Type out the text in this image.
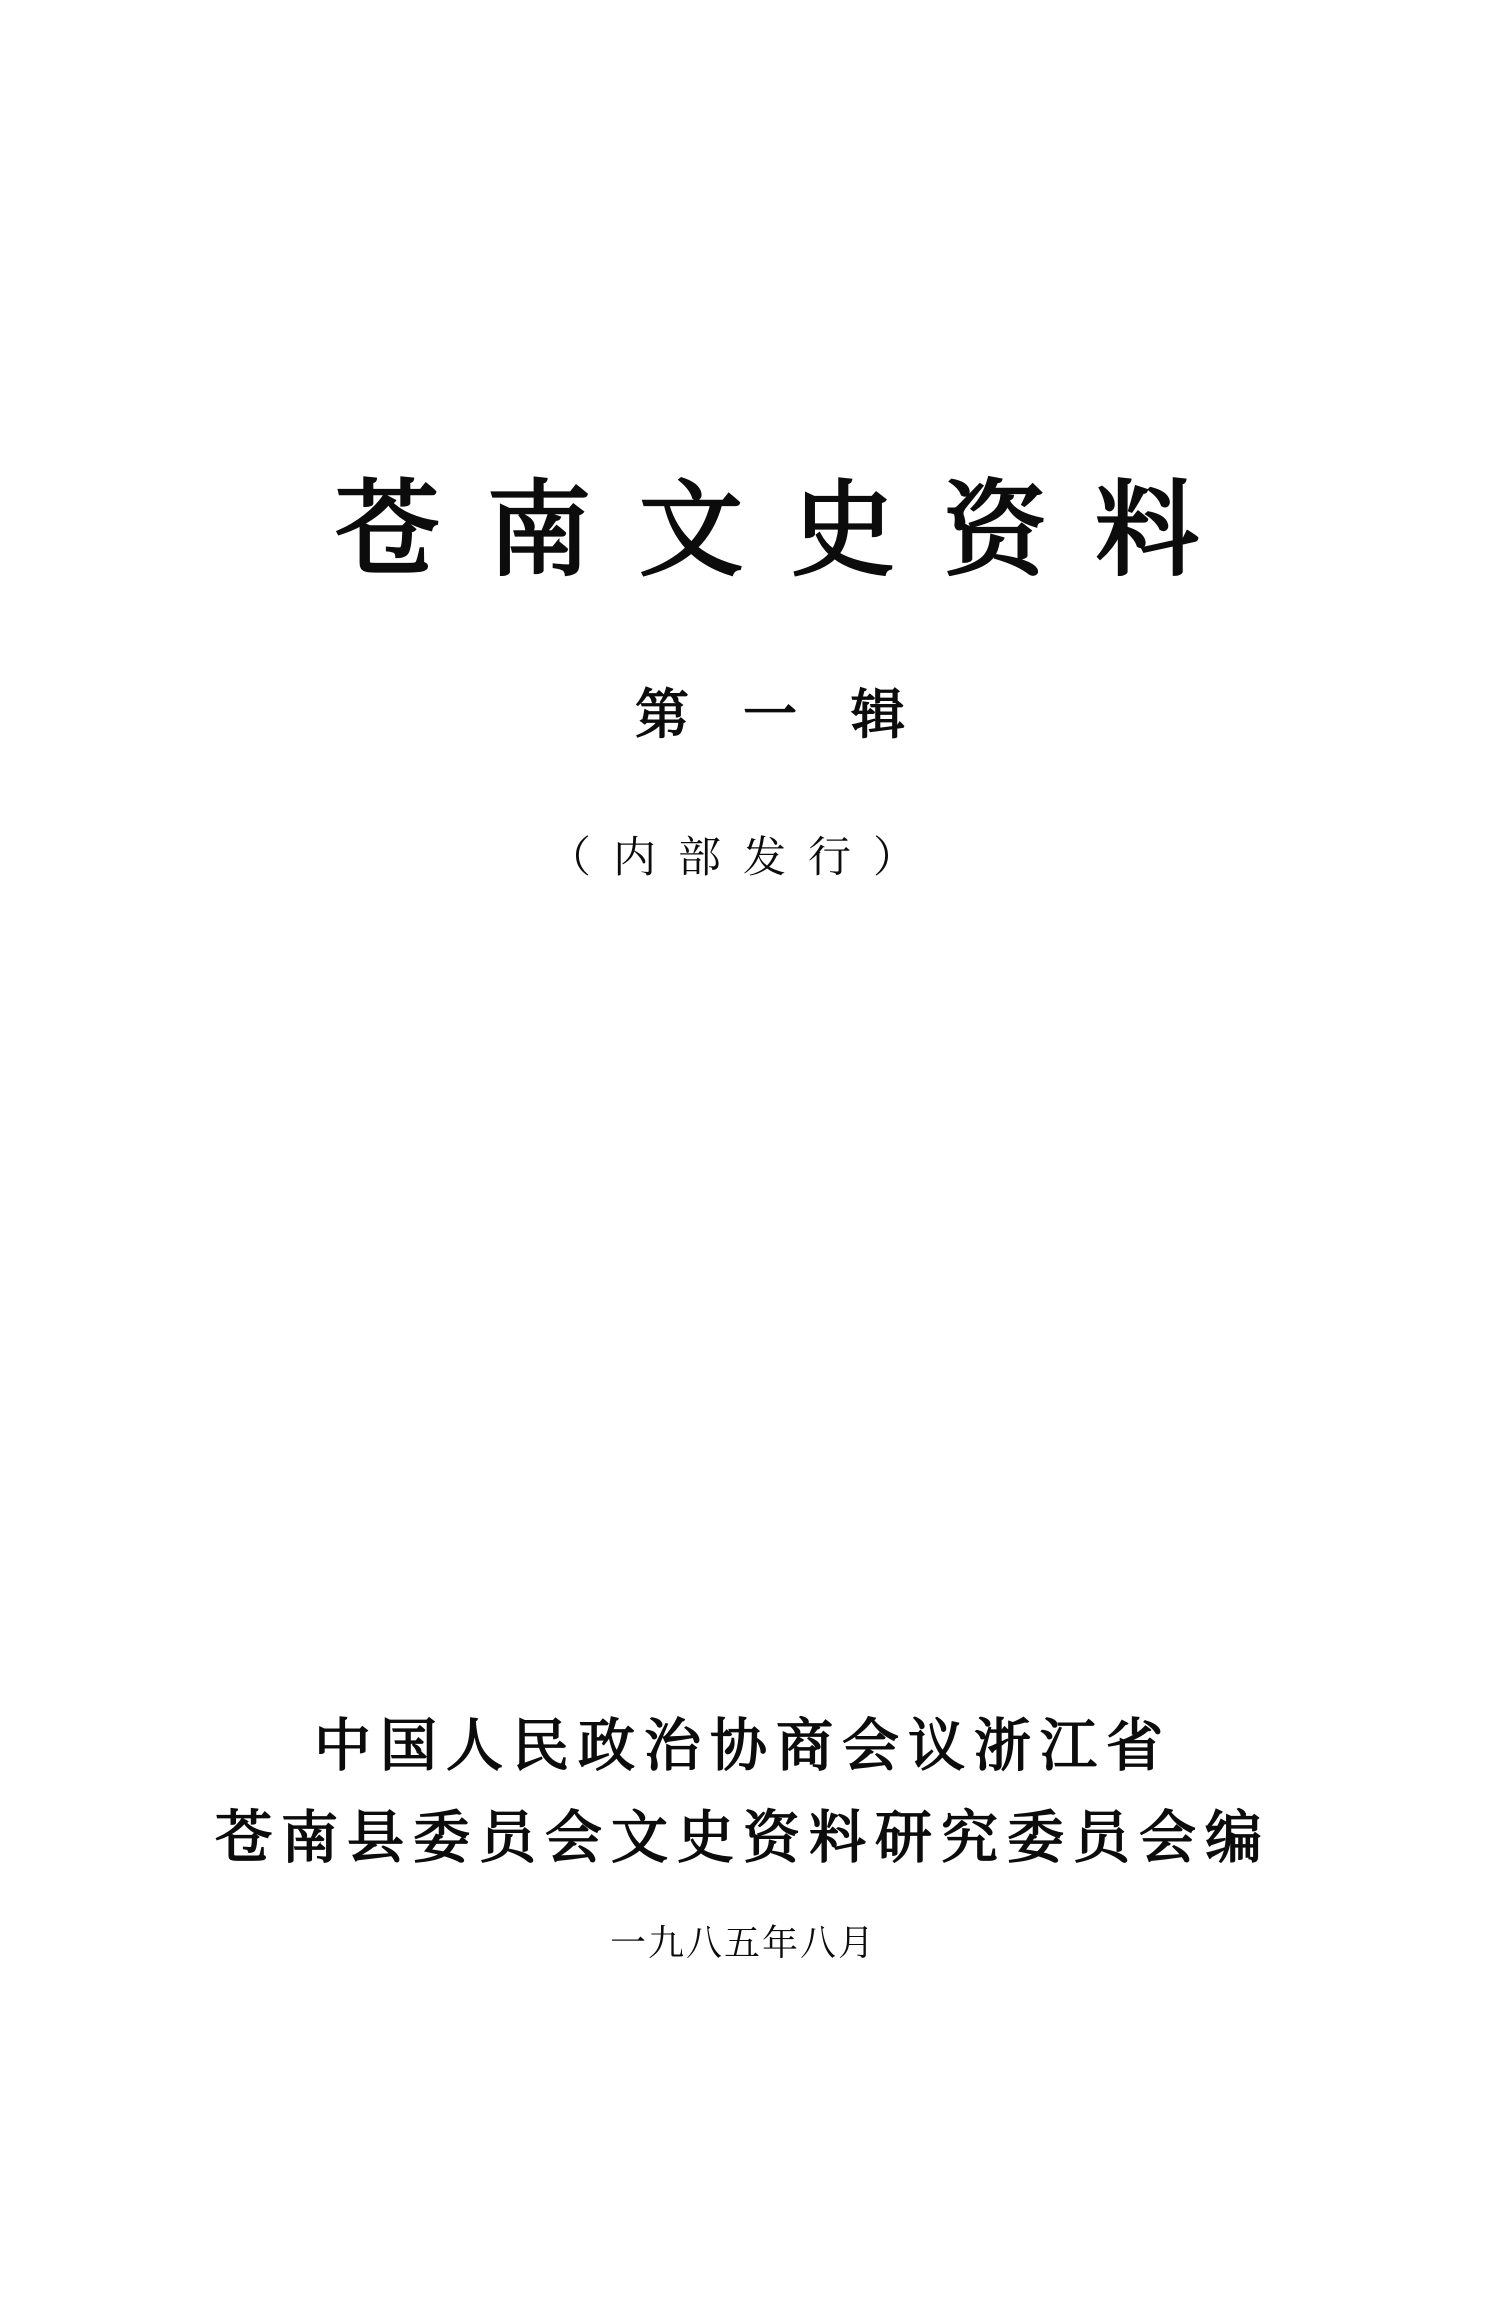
苍南文史资料
第一辑
（内部发行）
中国人民政治协商会议浙江省
苍南县委员会文史资料研究委员会编
一九八五年八月
